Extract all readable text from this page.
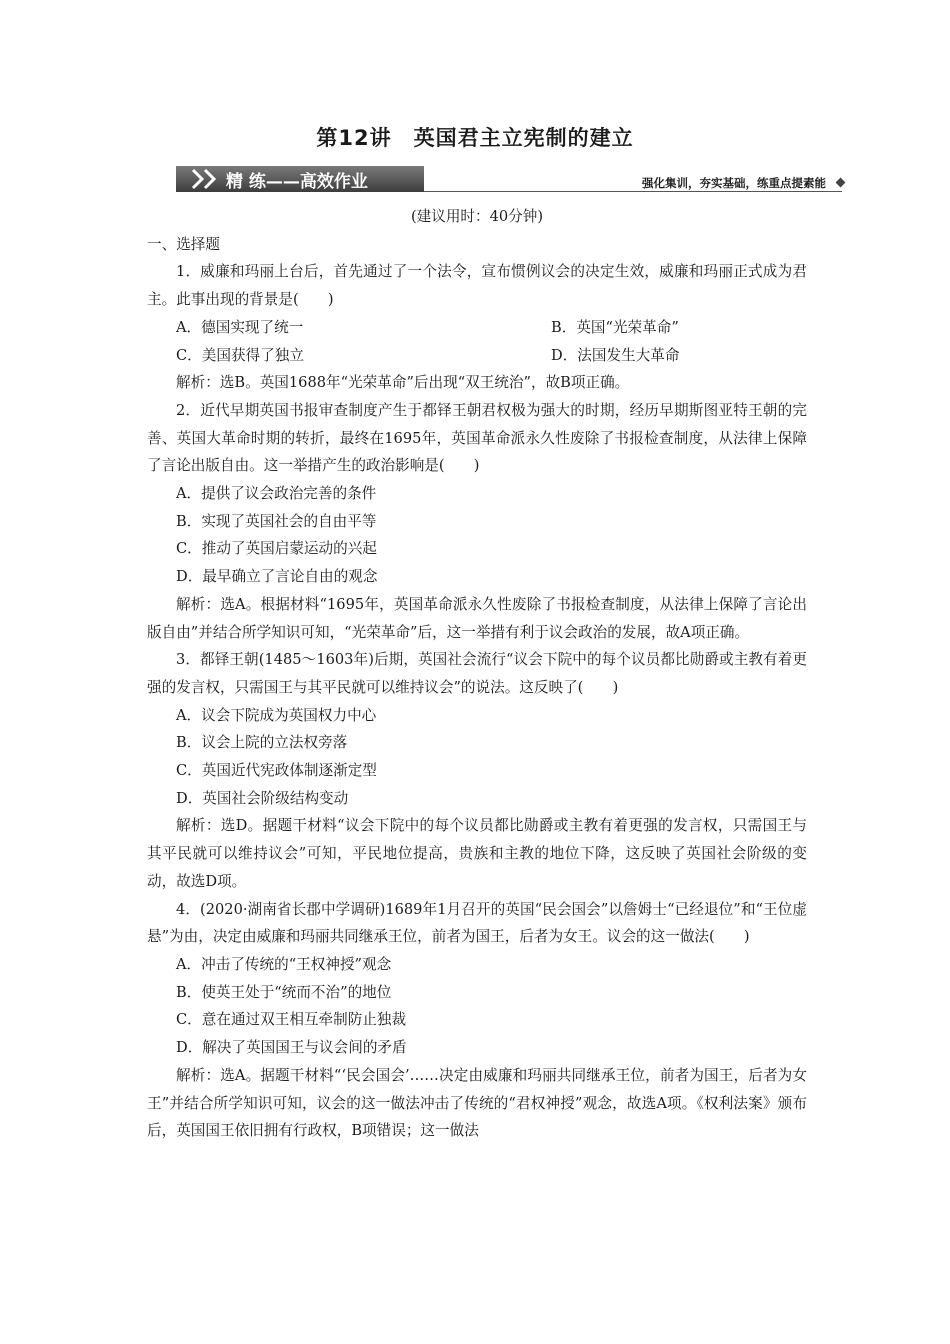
第12讲　英国君主立宪制的建立
精 练——高效作业	强化集训，夯实基础，练重点提素能

(建议用时：40分钟)

一、选择题

1．威廉和玛丽上台后，首先通过了一个法令，宣布惯例议会的决定生效，威廉和玛丽正式成为君主。此事出现的背景是(　　)

A．德国实现了统一	B．英国“光荣革命”
C．美国获得了独立	D．法国发生大革命

解析：选B。英国1688年“光荣革命”后出现“双王统治”，故B项正确。

2．近代早期英国书报审查制度产生于都铎王朝君权极为强大的时期，经历早期斯图亚特王朝的完善、英国大革命时期的转折，最终在1695年，英国革命派永久性废除了书报检查制度，从法律上保障了言论出版自由。这一举措产生的政治影响是(　　)

A．提供了议会政治完善的条件

B．实现了英国社会的自由平等

C．推动了英国启蒙运动的兴起

D．最早确立了言论自由的观念

解析：选A。根据材料“1695年，英国革命派永久性废除了书报检查制度，从法律上保障了言论出版自由”并结合所学知识可知，“光荣革命”后，这一举措有利于议会政治的发展，故A项正确。

3．都铎王朝(1485～1603年)后期，英国社会流行“议会下院中的每个议员都比勋爵或主教有着更强的发言权，只需国王与其平民就可以维持议会”的说法。这反映了(　　)

A．议会下院成为英国权力中心

B．议会上院的立法权旁落

C．英国近代宪政体制逐渐定型

D．英国社会阶级结构变动

解析：选D。据题干材料“议会下院中的每个议员都比勋爵或主教有着更强的发言权，只需国王与其平民就可以维持议会”可知，平民地位提高，贵族和主教的地位下降，这反映了英国社会阶级的变动，故选D项。

4．(2020·湖南省长郡中学调研)1689年1月召开的英国“民会国会”以詹姆士“已经退位”和“王位虚悬”为由，决定由威廉和玛丽共同继承王位，前者为国王，后者为女王。议会的这一做法(　　)

A．冲击了传统的“王权神授”观念

B．使英王处于“统而不治”的地位

C．意在通过双王相互牵制防止独裁

D．解决了英国国王与议会间的矛盾

解析：选A。据题干材料“‘民会国会’……决定由威廉和玛丽共同继承王位，前者为国王，后者为女王”并结合所学知识可知，议会的这一做法冲击了传统的“君权神授”观念，故选A项。《权利法案》颁布后，英国国王依旧拥有行政权，B项错误；这一做法
